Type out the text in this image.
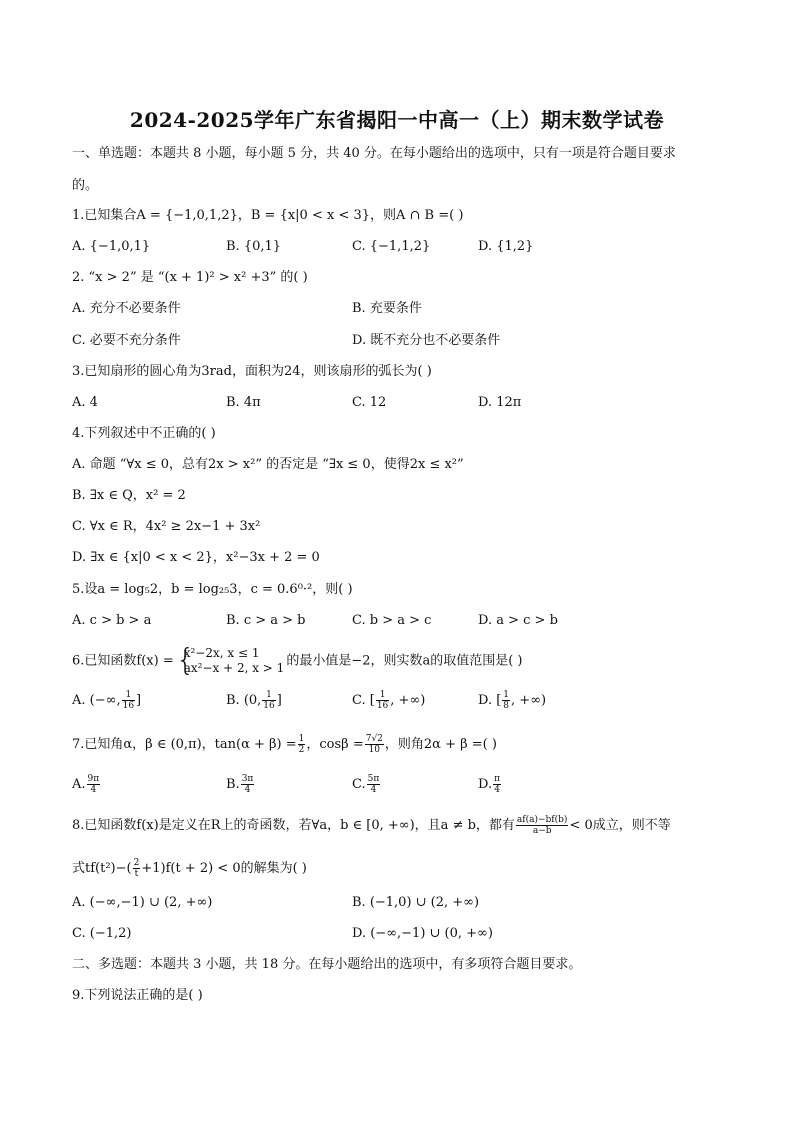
2024-2025学年广东省揭阳一中高一（上）期末数学试卷
一、单选题：本题共 8 小题，每小题 5 分，共 40 分。在每小题给出的选项中，只有一项是符合题目要求
的。
1.已知集合A = {−1,0,1,2}，B = {x|0 < x < 3}，则A ∩ B =( )
A. {−1,0,1}	B. {0,1}	C. {−1,1,2}	D. {1,2}
2. “x > 2” 是 “(x + 1)² > x² +3” 的( )
A. 充分不必要条件	B. 充要条件
C. 必要不充分条件	D. 既不充分也不必要条件
3.已知扇形的圆心角为3rad，面积为24，则该扇形的弧长为( )
A. 4	B. 4π	C. 12	D. 12π
4.下列叙述中不正确的( )
A. 命题 “∀x ≤ 0，总有2x > x²” 的否定是 “∃x ≤ 0，使得2x ≤ x²”
B. ∃x ∈ Q，x² = 2
C. ∀x ∈ R，4x² ≥ 2x−1 + 3x²
D. ∃x ∈ {x|0 < x < 2}，x²−3x + 2 = 0
5.设a = log₅2，b = log₂₅3，c = 0.6⁰·²，则( )
A. c > b > a	B. c > a > b	C. b > a > c	D. a > c > b
6.已知函数f(x) = {
x²−2x, x ≤ 1
ax²−x + 2, x > 1 的最小值是−2，则实数a的取值范围是( )
A. (−∞, $\frac{1}{16}$ ]	B. (0, $\frac{1}{16}$ ]	C. [ $\frac{1}{16}$ , +∞)	D. [ $\frac{1}{8}$ , +∞)
7.已知角α，β ∈ (0,π)，$\tan(\alpha + \beta) = \frac{1}{2}$ ，$\cos\beta = \frac{7√2}{10}$ ，则角2α + β =( )
A. $\frac{9\pi}{4}$	B. $\frac{3\pi}{4}$	C. $\frac{5\pi}{4}$	D. $\frac{\pi}{4}$
8.已知函数f(x)是定义在R上的奇函数，若∀a，b ∈ [0, +∞)，且a ≠ b，都有 $\frac{af(a)-bf(b)}{a-b} < 0$成立，则不等
式$tf(t^2)-( \frac{2}{t} +1)f(t + 2) < 0$的解集为( )
A. (−∞,−1) ∪ (2, +∞)	B. (−1,0) ∪ (2, +∞)
C. (−1,2)	D. (−∞,−1) ∪ (0, +∞)
二、多选题：本题共 3 小题，共 18 分。在每小题给出的选项中，有多项符合题目要求。
9.下列说法正确的是( )
